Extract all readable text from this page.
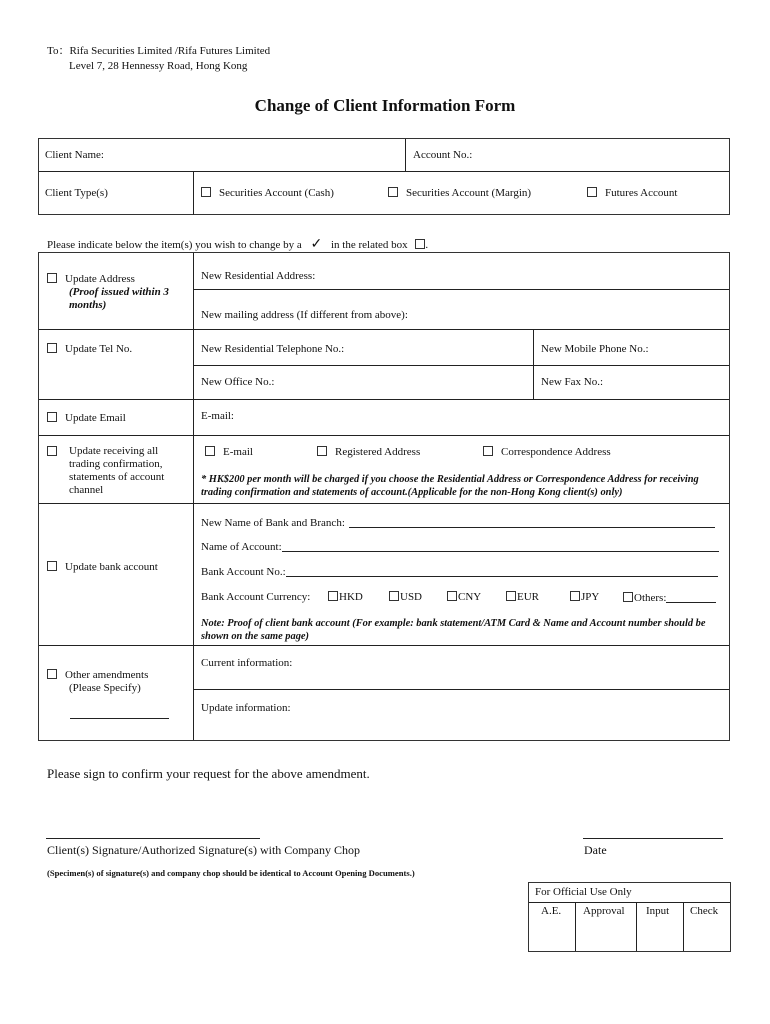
To：Rifa Securities Limited /Rifa Futures Limited
Level 7, 28 Hennessy Road, Hong Kong
Change of Client Information Form
Client Name:	Account No.:
Client Type(s)	Securities Account (Cash)	Securities Account (Margin)	Futures Account
Please indicate below the item(s) you wish to change by a ✓ in the related box .
Update Address
(Proof issued within 3 months)
New Residential Address:
New mailing address (If different from above):
Update Tel No.	New Residential Telephone No.:	New Mobile Phone No.:
New Office No.:	New Fax No.:
Update Email	E-mail:
Update receiving all trading confirmation, statements of account channel
E-mail	Registered Address	Correspondence Address
* HK$200 per month will be charged if you choose the Residential Address or Correspondence Address for receiving trading confirmation and statements of account.(Applicable for the non-Hong Kong client(s) only)
Update bank account
New Name of Bank and Branch:
Name of Account:
Bank Account No.:
Bank Account Currency:	HKD	USD	CNY	EUR	JPY	Others:
Note: Proof of client bank account (For example: bank statement/ATM Card & Name and Account number should be shown on the same page)
Other amendments
(Please Specify)
Current information:
Update information:
Please sign to confirm your request for the above amendment.
Client(s) Signature/Authorized Signature(s) with Company Chop	Date
(Specimen(s) of signature(s) and company chop should be identical to Account Opening Documents.)
For Official Use Only
A.E. Approval Input Check
